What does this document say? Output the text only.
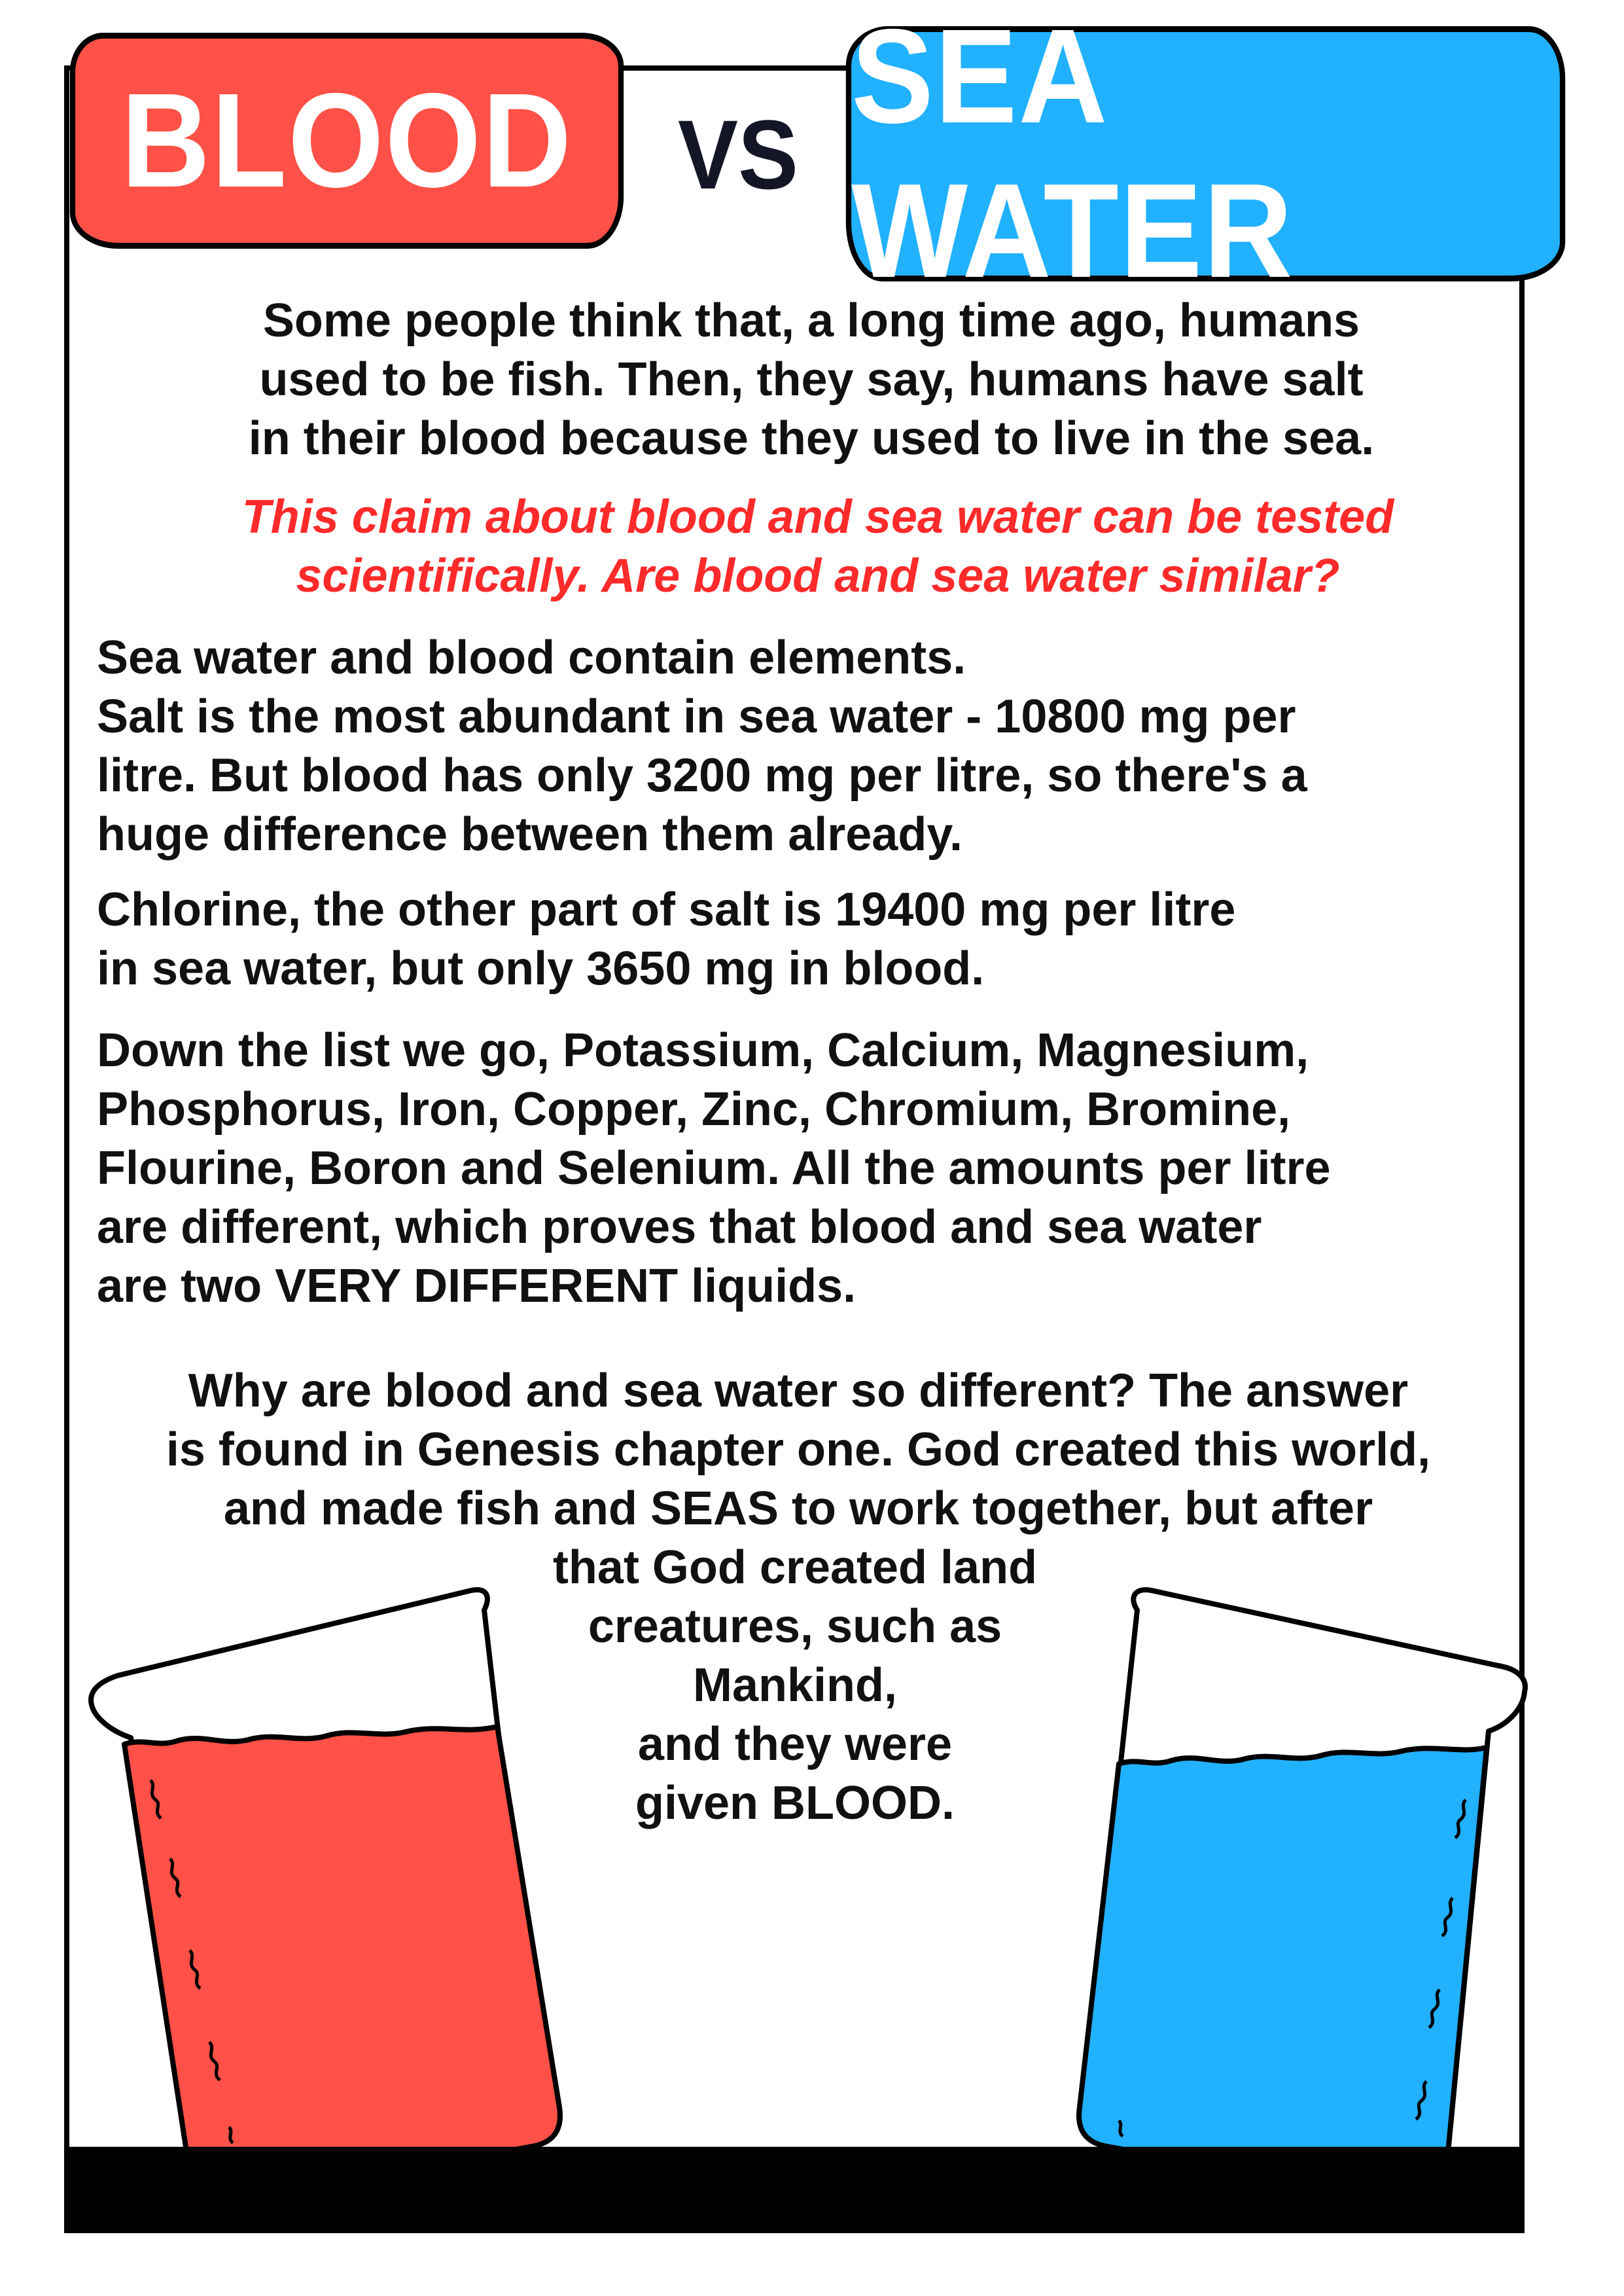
BLOOD VS
SEA WATER
Some people think that, a long time ago, humans
used to be fish. Then, they say, humans have salt
in their blood because they used to live in the sea.
This claim about blood and sea water can be tested
scientifically. Are blood and sea water similar?
Sea water and blood contain elements.
Salt is the most abundant in sea water - 10800 mg per
litre. But blood has only 3200 mg per litre, so there's a
huge difference between them already.
Chlorine, the other part of salt is 19400 mg per litre
in sea water, but only 3650 mg in blood.
Down the list we go, Potassium, Calcium, Magnesium,
Phosphorus, Iron, Copper, Zinc, Chromium, Bromine,
Flourine, Boron and Selenium. All the amounts per litre
are different, which proves that blood and sea water
are two VERY DIFFERENT liquids.
Why are blood and sea water so different? The answer
is found in Genesis chapter one. God created this world,
and made fish and SEAS to work together, but after
that God created land
creatures, such as
Mankind,
and they were
given BLOOD.
